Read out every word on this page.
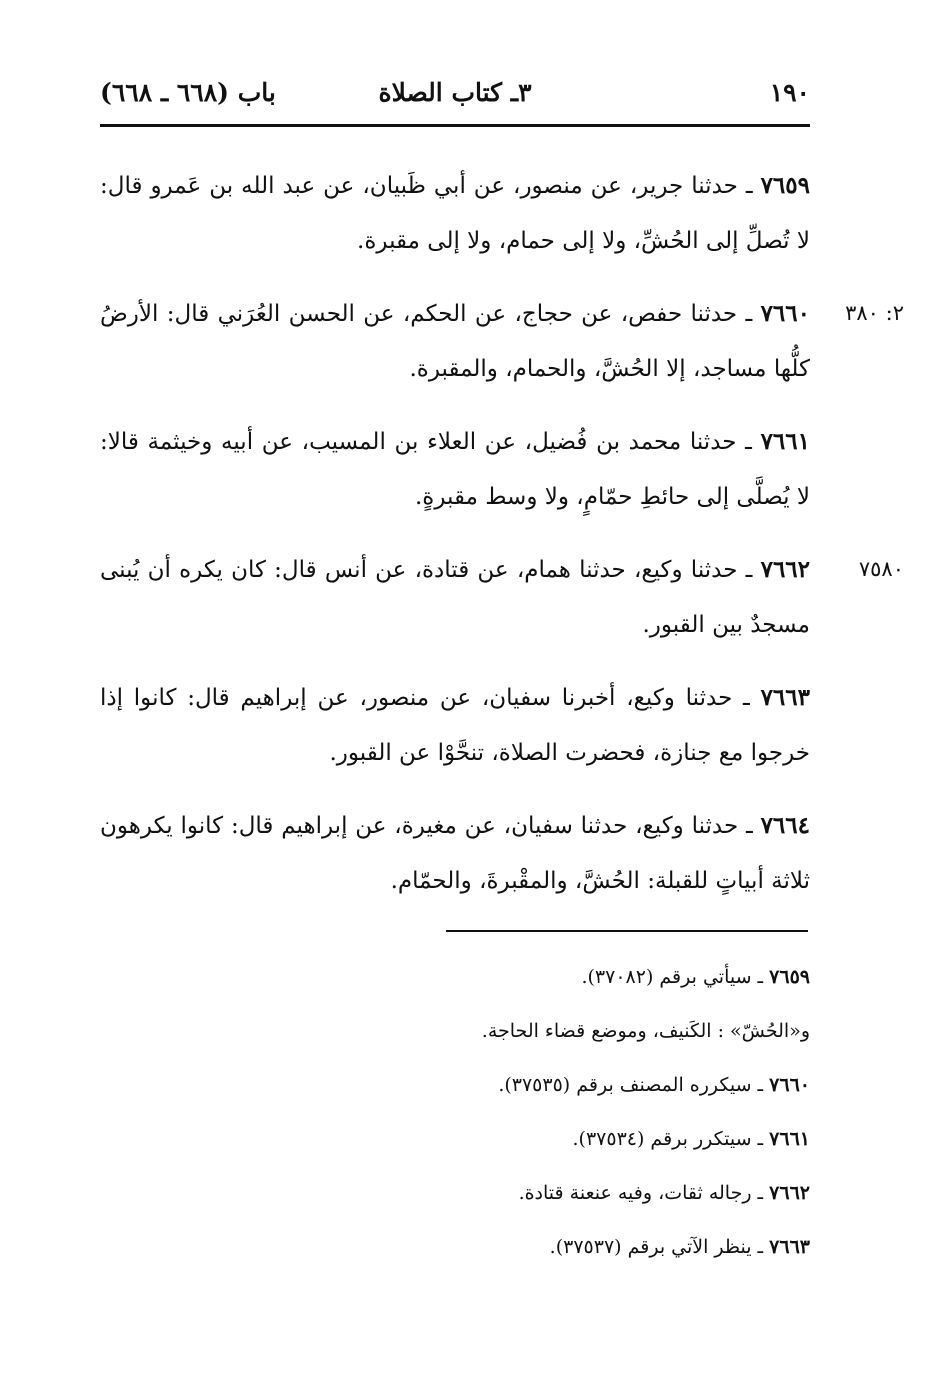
١٩٠
٣ـ كتاب الصلاة
باب (٦٦٨ ـ ٦٦٨)
٧٦٥٩ ـ حدثنا جرير، عن منصور، عن أبي ظَبيان، عن عبد الله بن عَمرو قال: لا تُصلِّ إلى الحُشِّ، ولا إلى حمام، ولا إلى مقبرة.
٢: ٣٨٠
٧٦٦٠ ـ حدثنا حفص، عن حجاج، عن الحكم، عن الحسن العُرَني قال: الأرضُ كلُّها مساجد، إلا الحُشَّ، والحمام، والمقبرة.
٧٦٦١ ـ حدثنا محمد بن فُضيل، عن العلاء بن المسيب، عن أبيه وخيثمة قالا: لا يُصلَّى إلى حائطِ حمّامٍ، ولا وسط مقبرةٍ.
٧٥٨٠
٧٦٦٢ ـ حدثنا وكيع، حدثنا همام، عن قتادة، عن أنس قال: كان يكره أن يُبنى مسجدٌ بين القبور.
٧٦٦٣ ـ حدثنا وكيع، أخبرنا سفيان، عن منصور، عن إبراهيم قال: كانوا إذا خرجوا مع جنازة، فحضرت الصلاة، تنحَّوْا عن القبور.
٧٦٦٤ ـ حدثنا وكيع، حدثنا سفيان، عن مغيرة، عن إبراهيم قال: كانوا يكرهون ثلاثة أبياتٍ للقبلة: الحُشَّ، والمقْبرةَ، والحمّام.
٧٦٥٩ ـ سيأتي برقم (٣٧٠٨٢).
و«الحُشّ» : الكَنيف، وموضع قضاء الحاجة.
٧٦٦٠ ـ سيكرره المصنف برقم (٣٧٥٣٥).
٧٦٦١ ـ سيتكرر برقم (٣٧٥٣٤).
٧٦٦٢ ـ رجاله ثقات، وفيه عنعنة قتادة.
٧٦٦٣ ـ ينظر الآتي برقم (٣٧٥٣٧).
